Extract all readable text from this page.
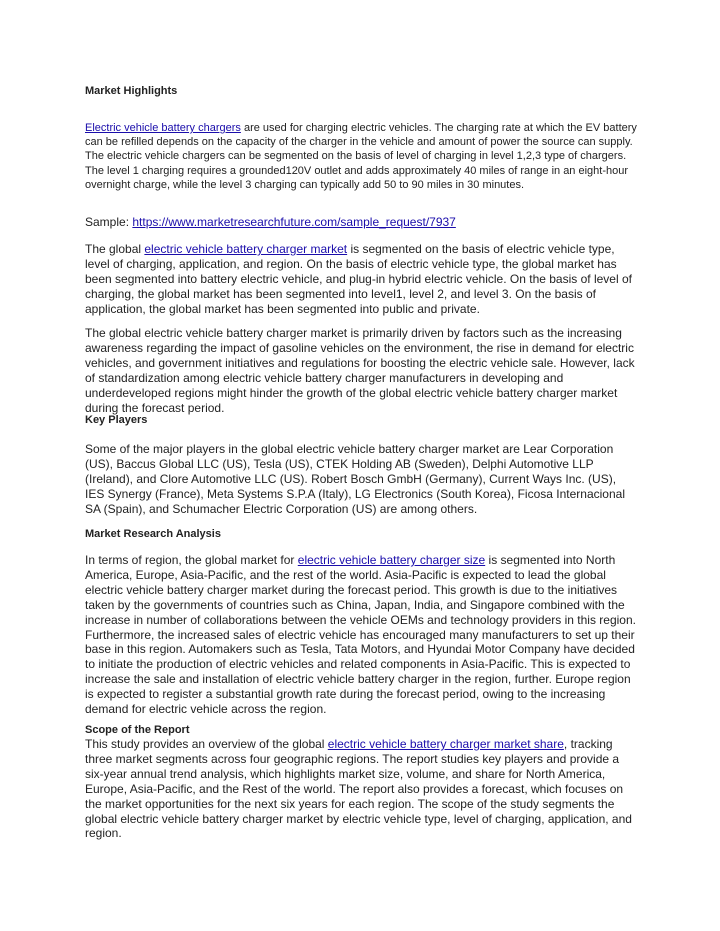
Market Highlights

Electric vehicle battery chargers are used for charging electric vehicles. The charging rate at which the EV battery can be refilled depends on the capacity of the charger in the vehicle and amount of power the source can supply. The electric vehicle chargers can be segmented on the basis of level of charging in level 1,2,3 type of chargers. The level 1 charging requires a grounded120V outlet and adds approximately 40 miles of range in an eight-hour overnight charge, while the level 3 charging can typically add 50 to 90 miles in 30 minutes.

Sample: https://www.marketresearchfuture.com/sample_request/7937

The global electric vehicle battery charger market is segmented on the basis of electric vehicle type, level of charging, application, and region. On the basis of electric vehicle type, the global market has been segmented into battery electric vehicle, and plug-in hybrid electric vehicle. On the basis of level of charging, the global market has been segmented into level1, level 2, and level 3. On the basis of application, the global market has been segmented into public and private.

The global electric vehicle battery charger market is primarily driven by factors such as the increasing awareness regarding the impact of gasoline vehicles on the environment, the rise in demand for electric vehicles, and government initiatives and regulations for boosting the electric vehicle sale. However, lack of standardization among electric vehicle battery charger manufacturers in developing and underdeveloped regions might hinder the growth of the global electric vehicle battery charger market during the forecast period.

Key Players

Some of the major players in the global electric vehicle battery charger market are Lear Corporation (US), Baccus Global LLC (US), Tesla (US), CTEK Holding AB (Sweden), Delphi Automotive LLP (Ireland), and Clore Automotive LLC (US). Robert Bosch GmbH (Germany), Current Ways Inc. (US), IES Synergy (France), Meta Systems S.P.A (Italy), LG Electronics (South Korea), Ficosa Internacional SA (Spain), and Schumacher Electric Corporation (US) are among others.

Market Research Analysis

In terms of region, the global market for electric vehicle battery charger size is segmented into North America, Europe, Asia-Pacific, and the rest of the world. Asia-Pacific is expected to lead the global electric vehicle battery charger market during the forecast period. This growth is due to the initiatives taken by the governments of countries such as China, Japan, India, and Singapore combined with the increase in number of collaborations between the vehicle OEMs and technology providers in this region. Furthermore, the increased sales of electric vehicle has encouraged many manufacturers to set up their base in this region. Automakers such as Tesla, Tata Motors, and Hyundai Motor Company have decided to initiate the production of electric vehicles and related components in Asia-Pacific. This is expected to increase the sale and installation of electric vehicle battery charger in the region, further. Europe region is expected to register a substantial growth rate during the forecast period, owing to the increasing demand for electric vehicle across the region.

Scope of the Report

This study provides an overview of the global electric vehicle battery charger market share, tracking three market segments across four geographic regions. The report studies key players and provide a six-year annual trend analysis, which highlights market size, volume, and share for North America, Europe, Asia-Pacific, and the Rest of the world. The report also provides a forecast, which focuses on the market opportunities for the next six years for each region. The scope of the study segments the global electric vehicle battery charger market by electric vehicle type, level of charging, application, and region.
